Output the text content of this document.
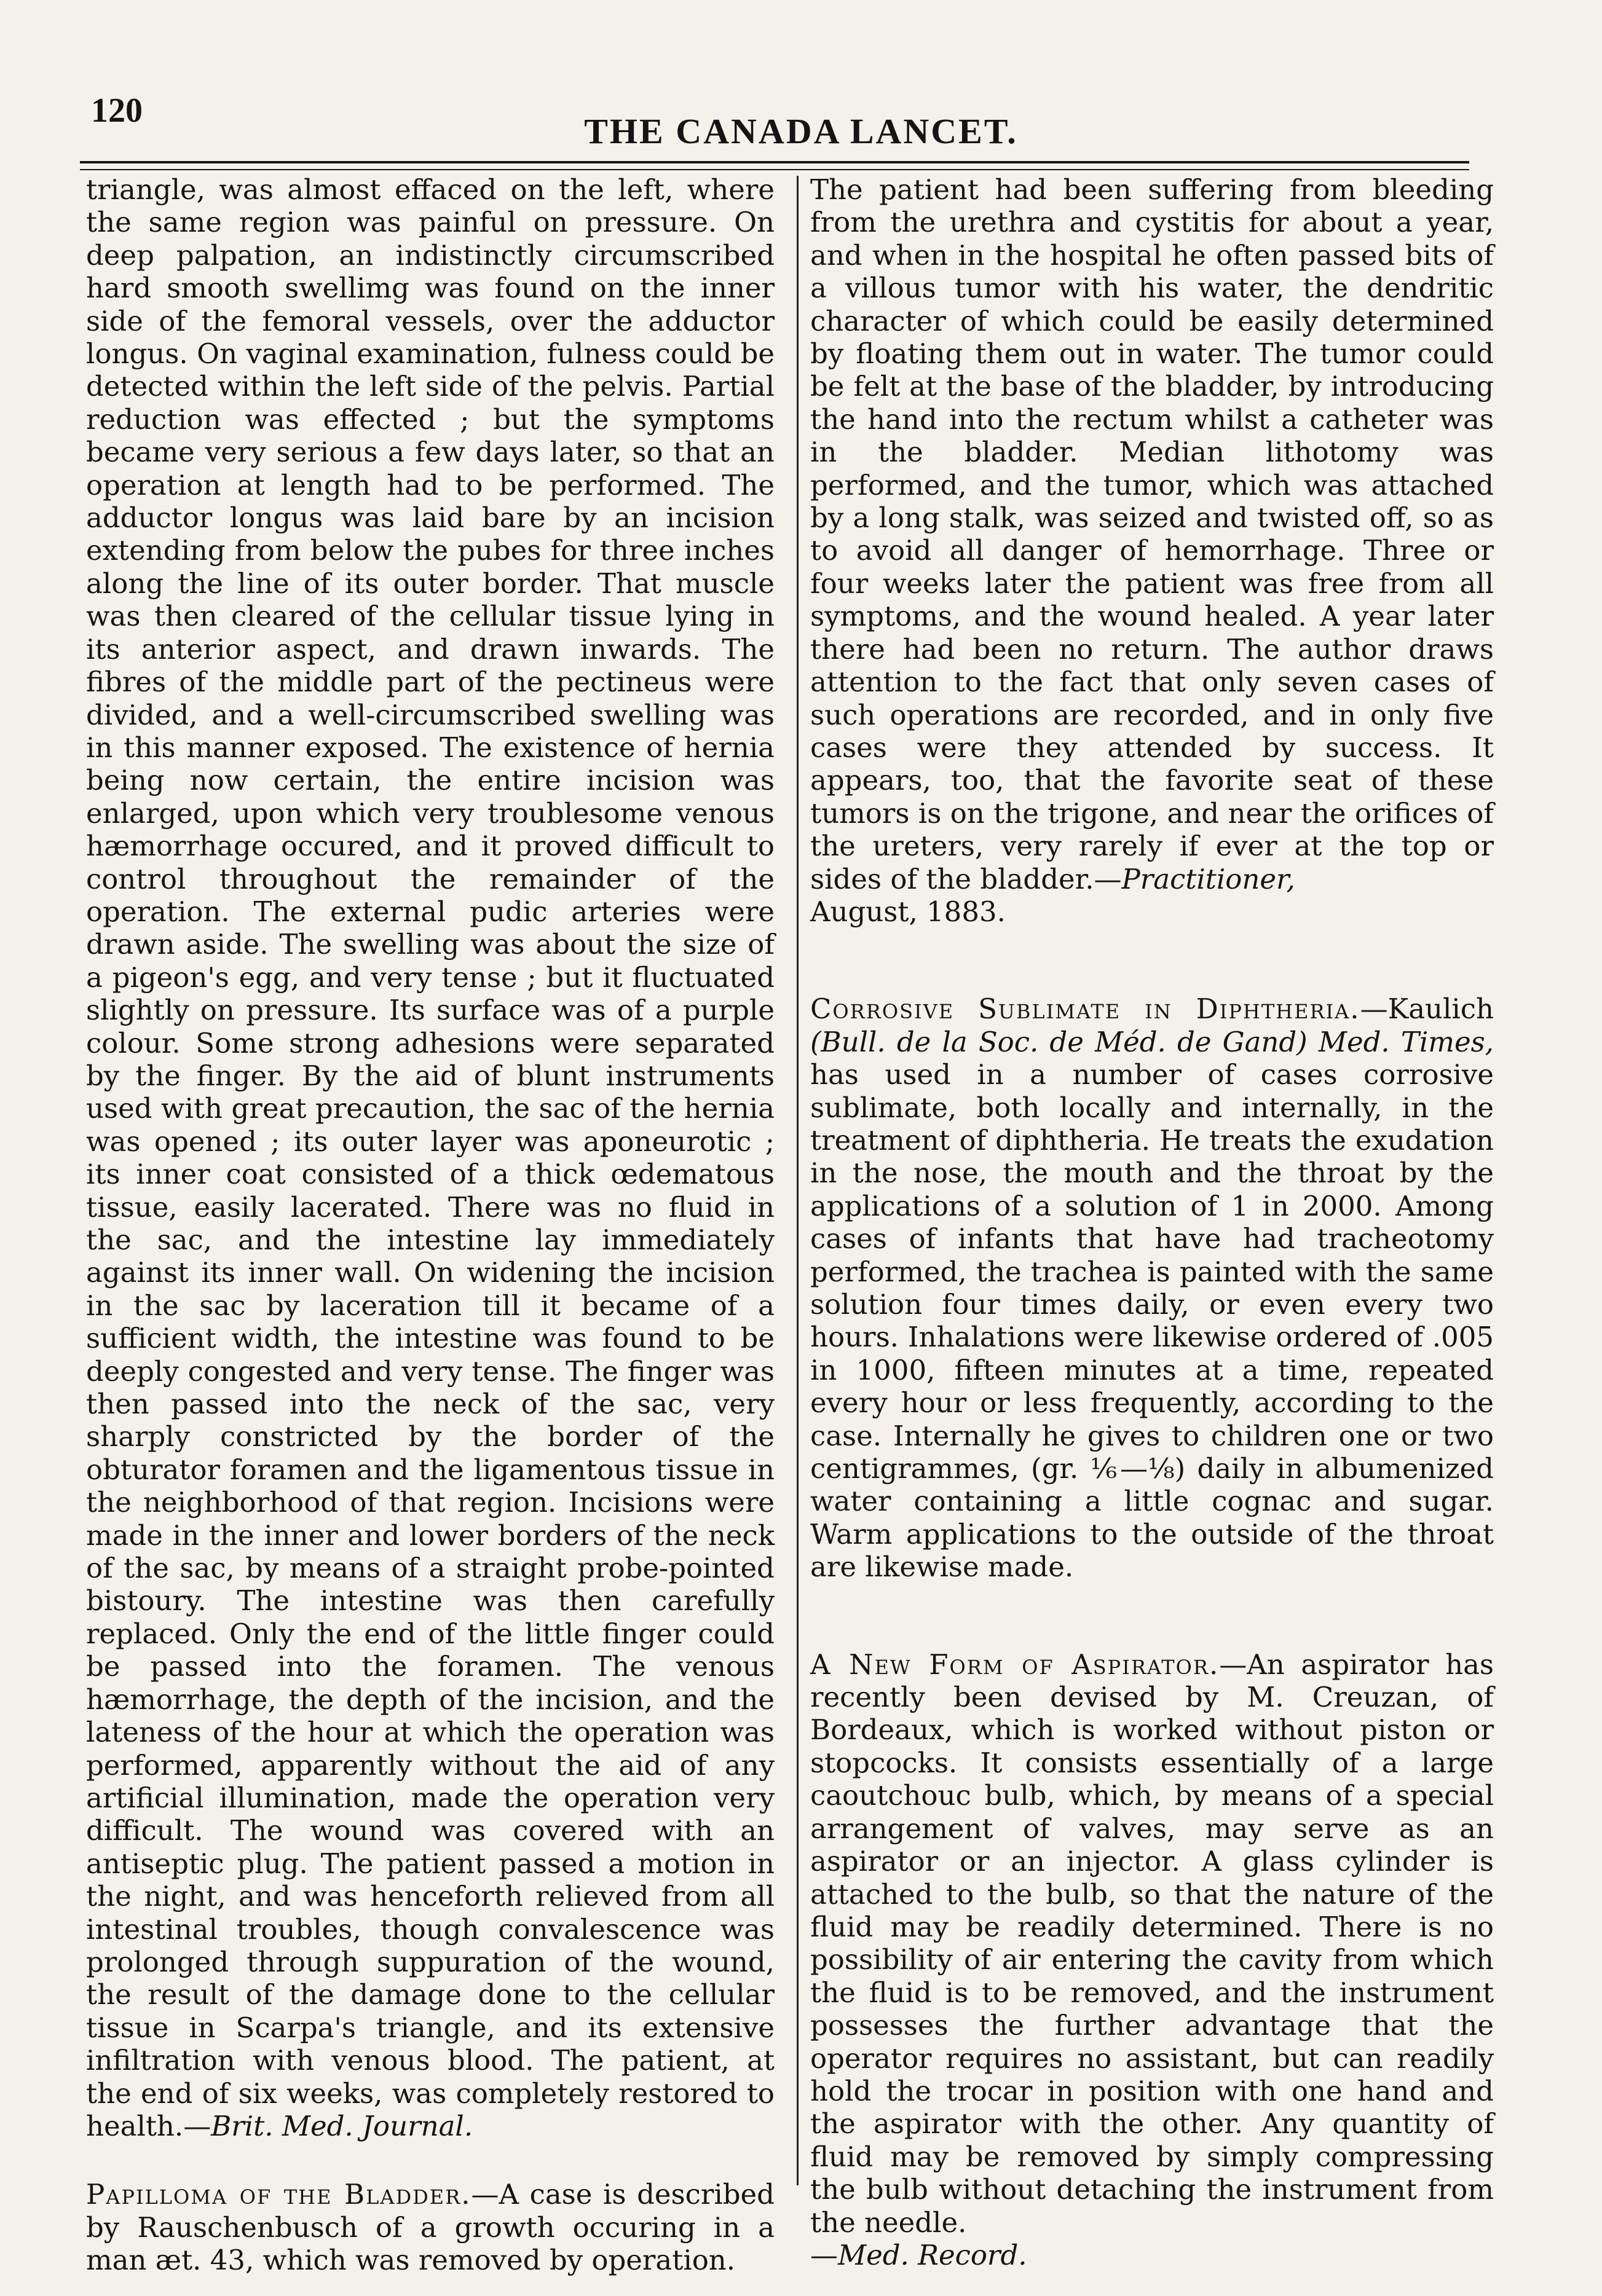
120
THE CANADA LANCET.

triangle, was almost effaced on the left, where the same region was painful on pressure. On deep palpation, an indistinctly circumscribed hard smooth swellimg was found on the inner side of the femoral vessels, over the adductor longus. On vaginal examination, fulness could be detected within the left side of the pelvis. Partial reduction was effected ; but the symptoms became very serious a few days later, so that an operation at length had to be performed. The adductor longus was laid bare by an incision extending from below the pubes for three inches along the line of its outer border. That muscle was then cleared of the cellular tissue lying in its anterior aspect, and drawn inwards. The fibres of the middle part of the pectineus were divided, and a well-circumscribed swelling was in this manner exposed. The existence of hernia being now certain, the entire incision was enlarged, upon which very troublesome venous hæmorrhage occured, and it proved difficult to control throughout the remainder of the operation. The external pudic arteries were drawn aside. The swelling was about the size of a pigeon's egg, and very tense ; but it fluctuated slightly on pressure. Its surface was of a purple colour. Some strong adhesions were separated by the finger. By the aid of blunt instruments used with great precaution, the sac of the hernia was opened ; its outer layer was aponeurotic ; its inner coat consisted of a thick œdematous tissue, easily lacerated. There was no fluid in the sac, and the intestine lay immediately against its inner wall. On widening the incision in the sac by laceration till it became of a sufficient width, the intestine was found to be deeply congested and very tense. The finger was then passed into the neck of the sac, very sharply constricted by the border of the obturator foramen and the ligamentous tissue in the neighborhood of that region. Incisions were made in the inner and lower borders of the neck of the sac, by means of a straight probe-pointed bistoury. The intestine was then carefully replaced. Only the end of the little finger could be passed into the foramen. The venous hæmorrhage, the depth of the incision, and the lateness of the hour at which the operation was performed, apparently without the aid of any artificial illumination, made the operation very difficult. The wound was covered with an antiseptic plug. The patient passed a motion in the night, and was henceforth relieved from all intestinal troubles, though convalescence was prolonged through suppuration of the wound, the result of the damage done to the cellular tissue in Scarpa's triangle, and its extensive infiltration with venous blood. The patient, at the end of six weeks, was completely restored to health.—Brit. Med. Journal.

Papilloma of the Bladder.—A case is described by Rauschenbusch of a growth occuring in a man æt. 43, which was removed by operation.

The patient had been suffering from bleeding from the urethra and cystitis for about a year, and when in the hospital he often passed bits of a villous tumor with his water, the dendritic character of which could be easily determined by floating them out in water. The tumor could be felt at the base of the bladder, by introducing the hand into the rectum whilst a catheter was in the bladder. Median lithotomy was performed, and the tumor, which was attached by a long stalk, was seized and twisted off, so as to avoid all danger of hemorrhage. Three or four weeks later the patient was free from all symptoms, and the wound healed. A year later there had been no return. The author draws attention to the fact that only seven cases of such operations are recorded, and in only five cases were they attended by success. It appears, too, that the favorite seat of these tumors is on the trigone, and near the orifices of the ureters, very rarely if ever at the top or sides of the bladder.—Practitioner,
August, 1883.

Corrosive Sublimate in Diphtheria.—Kaulich (Bull. de la Soc. de Méd. de Gand) Med. Times, has used in a number of cases corrosive sublimate, both locally and internally, in the treatment of diphtheria. He treats the exudation in the nose, the mouth and the throat by the applications of a solution of 1 in 2000. Among cases of infants that have had tracheotomy performed, the trachea is painted with the same solution four times daily, or even every two hours. Inhalations were likewise ordered of .005 in 1000, fifteen minutes at a time, repeated every hour or less frequently, according to the case. Internally he gives to children one or two centigrammes, (gr. ⅙—⅛) daily in albumenized water containing a little cognac and sugar. Warm applications to the outside of the throat are likewise made.

A New Form of Aspirator.—An aspirator has recently been devised by M. Creuzan, of Bordeaux, which is worked without piston or stopcocks. It consists essentially of a large caoutchouc bulb, which, by means of a special arrangement of valves, may serve as an aspirator or an injector. A glass cylinder is attached to the bulb, so that the nature of the fluid may be readily determined. There is no possibility of air entering the cavity from which the fluid is to be removed, and the instrument possesses the further advantage that the operator requires no assistant, but can readily hold the trocar in position with one hand and the aspirator with the other. Any quantity of fluid may be removed by simply compressing the bulb without detaching the instrument from the needle.
—Med. Record.
